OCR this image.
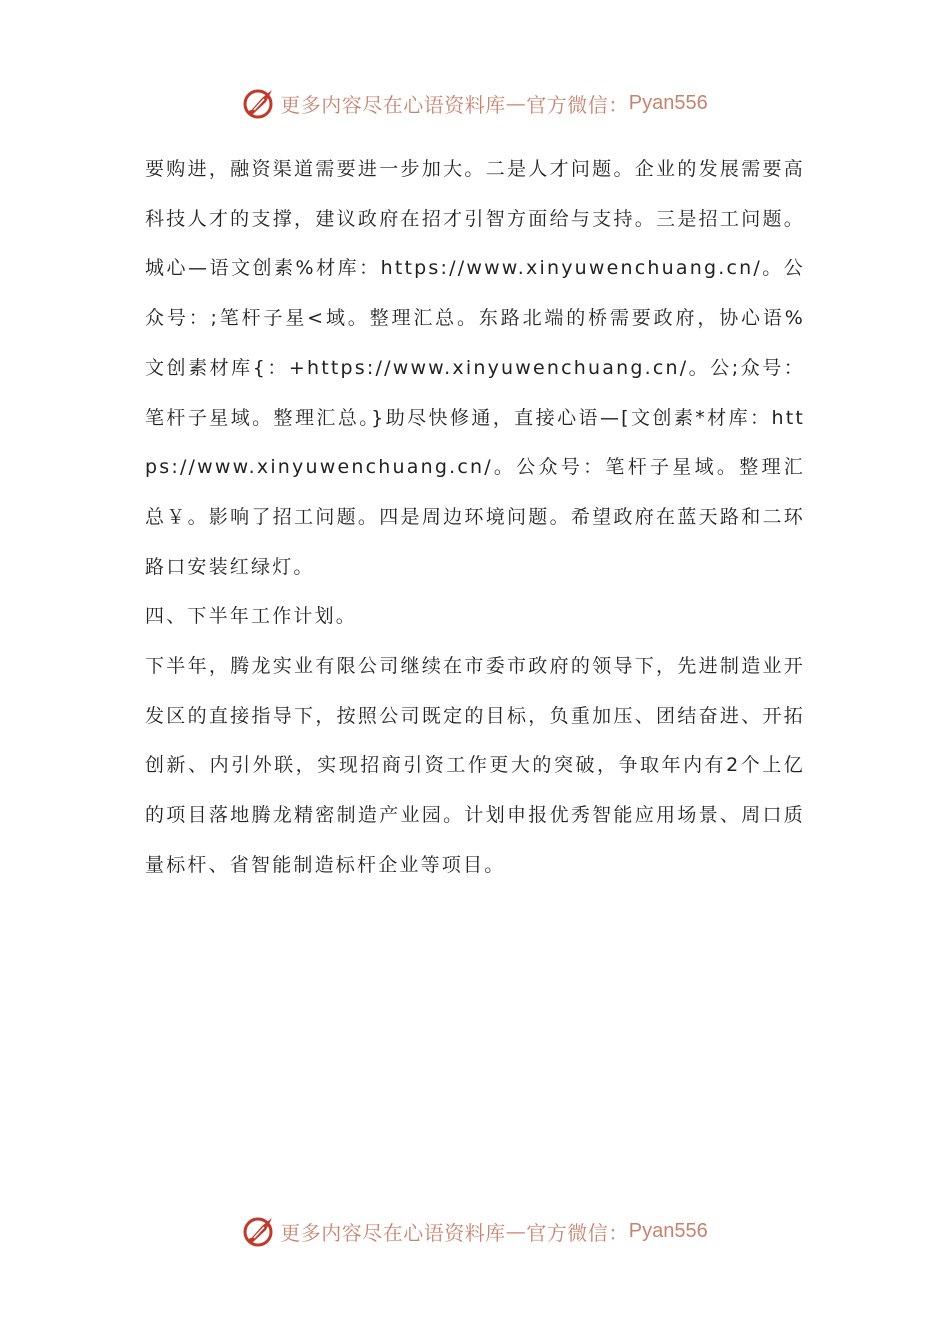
更多内容尽在心语资料库 — 官方微信： Pyan556

要购进，融资渠道需要进一步加大。二是人才问题。企业的发展需要高科技人才的支撑，建议政府在招才引智方面给与支持。三是招工问题。城心—语文创素%材库：https://www.xinyuwenchuang.cn/。公众号：;笔杆子星<域。整理汇总。东路北端的桥需要政府，协心语%文创素材库{：+https://www.xinyuwenchuang.cn/。公;众号：笔杆子星域。整理汇总。}助尽快修通，直接心语—[文创素*材库：https://www.xinyuwenchuang.cn/。公众号：笔杆子星域。整理汇总￥。影响了招工问题。四是周边环境问题。希望政府在蓝天路和二环路口安装红绿灯。

四、下半年工作计划。

下半年，腾龙实业有限公司继续在市委市政府的领导下，先进制造业开发区的直接指导下，按照公司既定的目标，负重加压、团结奋进、开拓创新、内引外联，实现招商引资工作更大的突破，争取年内有2个上亿的项目落地腾龙精密制造产业园。计划申报优秀智能应用场景、周口质量标杆、省智能制造标杆企业等项目。

更多内容尽在心语资料库 — 官方微信： Pyan556
